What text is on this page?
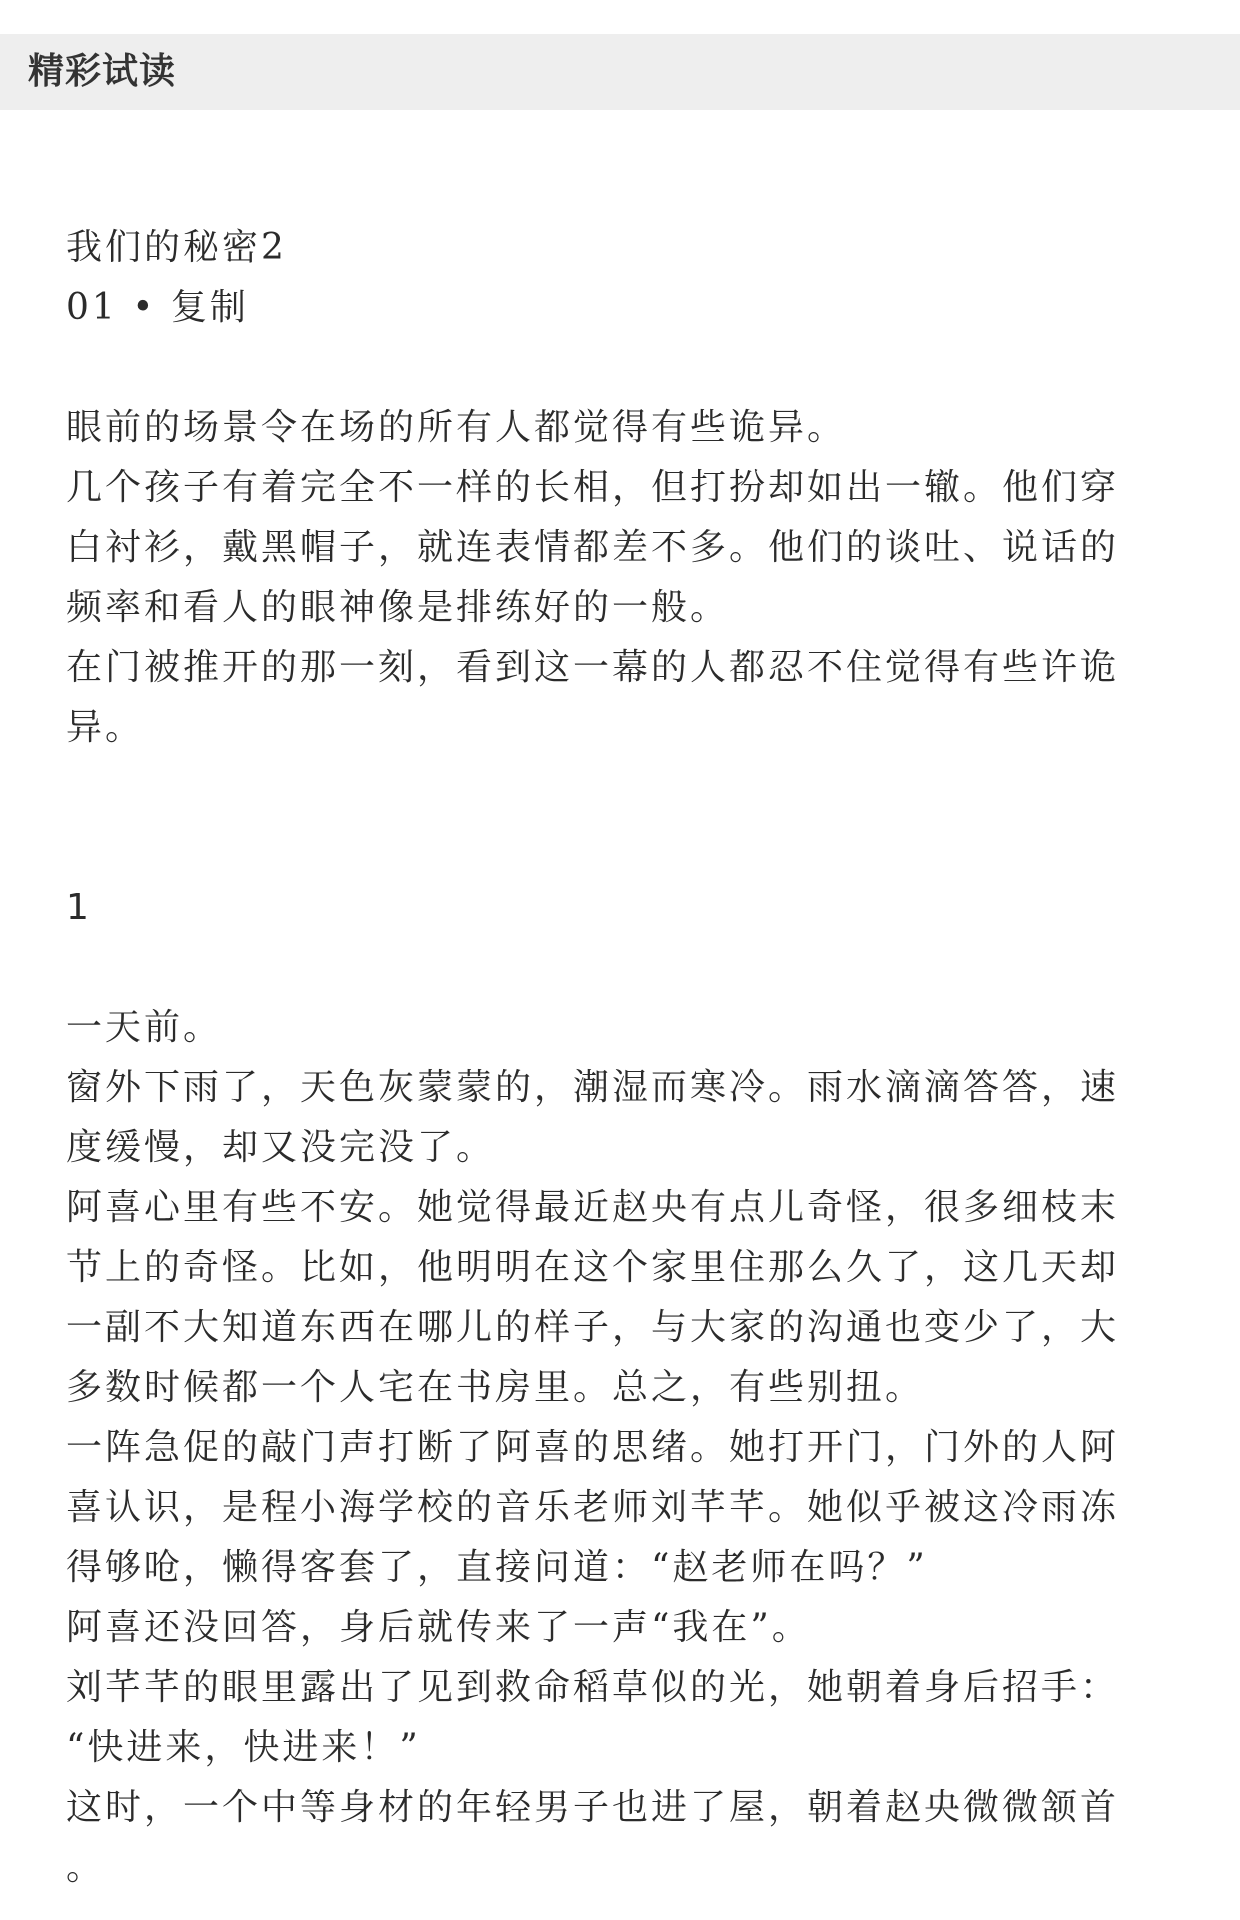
精彩试读

我们的秘密2

01 • 复制

眼前的场景令在场的所有人都觉得有些诡异。

几个孩子有着完全不一样的长相，但打扮却如出一辙。他们穿

白衬衫，戴黑帽子，就连表情都差不多。他们的谈吐、说话的

频率和看人的眼神像是排练好的一般。

在门被推开的那一刻，看到这一幕的人都忍不住觉得有些许诡

异。

1

一天前。

窗外下雨了，天色灰蒙蒙的，潮湿而寒冷。雨水滴滴答答，速

度缓慢，却又没完没了。

阿喜心里有些不安。她觉得最近赵央有点儿奇怪，很多细枝末

节上的奇怪。比如，他明明在这个家里住那么久了，这几天却

一副不大知道东西在哪儿的样子，与大家的沟通也变少了，大

多数时候都一个人宅在书房里。总之，有些别扭。

一阵急促的敲门声打断了阿喜的思绪。她打开门，门外的人阿

喜认识，是程小海学校的音乐老师刘芊芊。她似乎被这冷雨冻

得够呛，懒得客套了，直接问道：“赵老师在吗？”

阿喜还没回答，身后就传来了一声“我在”。

刘芊芊的眼里露出了见到救命稻草似的光，她朝着身后招手：

“快进来，快进来！”

这时，一个中等身材的年轻男子也进了屋，朝着赵央微微颔首

。
